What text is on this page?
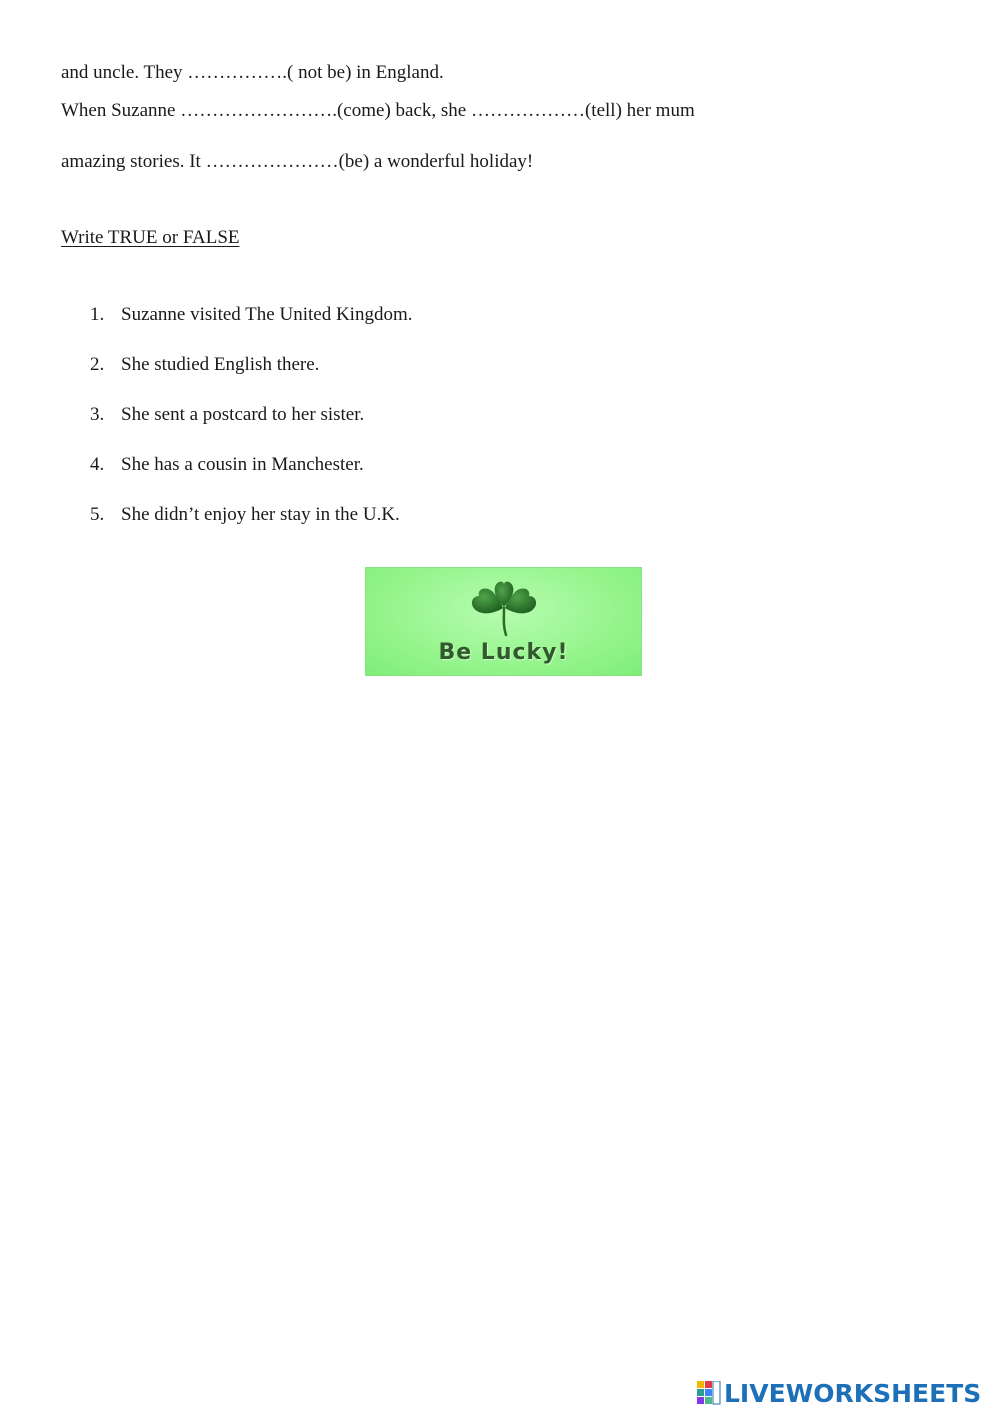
and uncle. They …………….( not be) in England.
When Suzanne …………………….(come) back, she ………………(tell) her mum
amazing stories. It …………………(be) a wonderful holiday!
Write TRUE or FALSE
1. Suzanne visited The United Kingdom.
2. She studied English there.
3. She sent a postcard to her sister.
4. She has a cousin in Manchester.
5. She didn’t enjoy her stay in the U.K.
Be Lucky!
LIVEWORKSHEETS
